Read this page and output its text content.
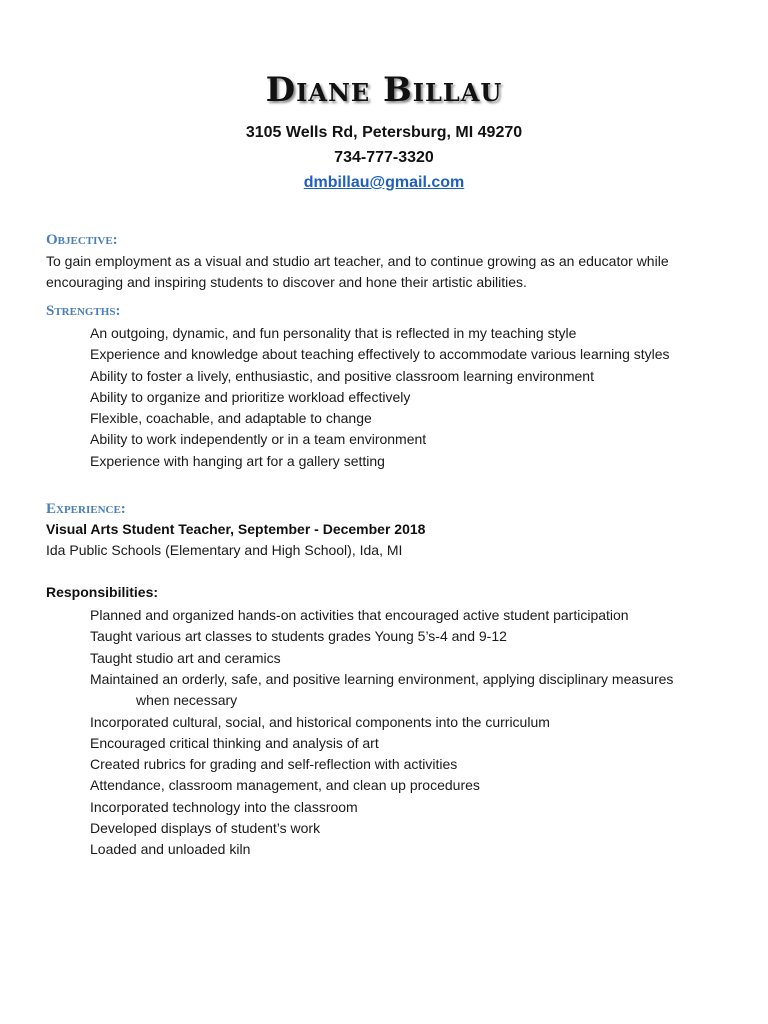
Diane Billau
3105 Wells Rd, Petersburg, MI 49270
734-777-3320
dmbillau@gmail.com
Objective:

To gain employment as a visual and studio art teacher, and to continue growing as an educator while encouraging and inspiring students to discover and hone their artistic abilities.

Strengths:
An outgoing, dynamic, and fun personality that is reflected in my teaching style
Experience and knowledge about teaching effectively to accommodate various learning styles
Ability to foster a lively, enthusiastic, and positive classroom learning environment
Ability to organize and prioritize workload effectively
Flexible, coachable, and adaptable to change
Ability to work independently or in a team environment
Experience with hanging art for a gallery setting
Experience:
Visual Arts Student Teacher, September - December 2018
Ida Public Schools (Elementary and High School), Ida, MI
Responsibilities:
Planned and organized hands-on activities that encouraged active student participation
Taught various art classes to students grades Young 5’s-4 and 9-12
Taught studio art and ceramics
Maintained an orderly, safe, and positive learning environment, applying disciplinary measures
when necessary
Incorporated cultural, social, and historical components into the curriculum
Encouraged critical thinking and analysis of art
Created rubrics for grading and self-reflection with activities
Attendance, classroom management, and clean up procedures
Incorporated technology into the classroom
Developed displays of student’s work
Loaded and unloaded kiln
